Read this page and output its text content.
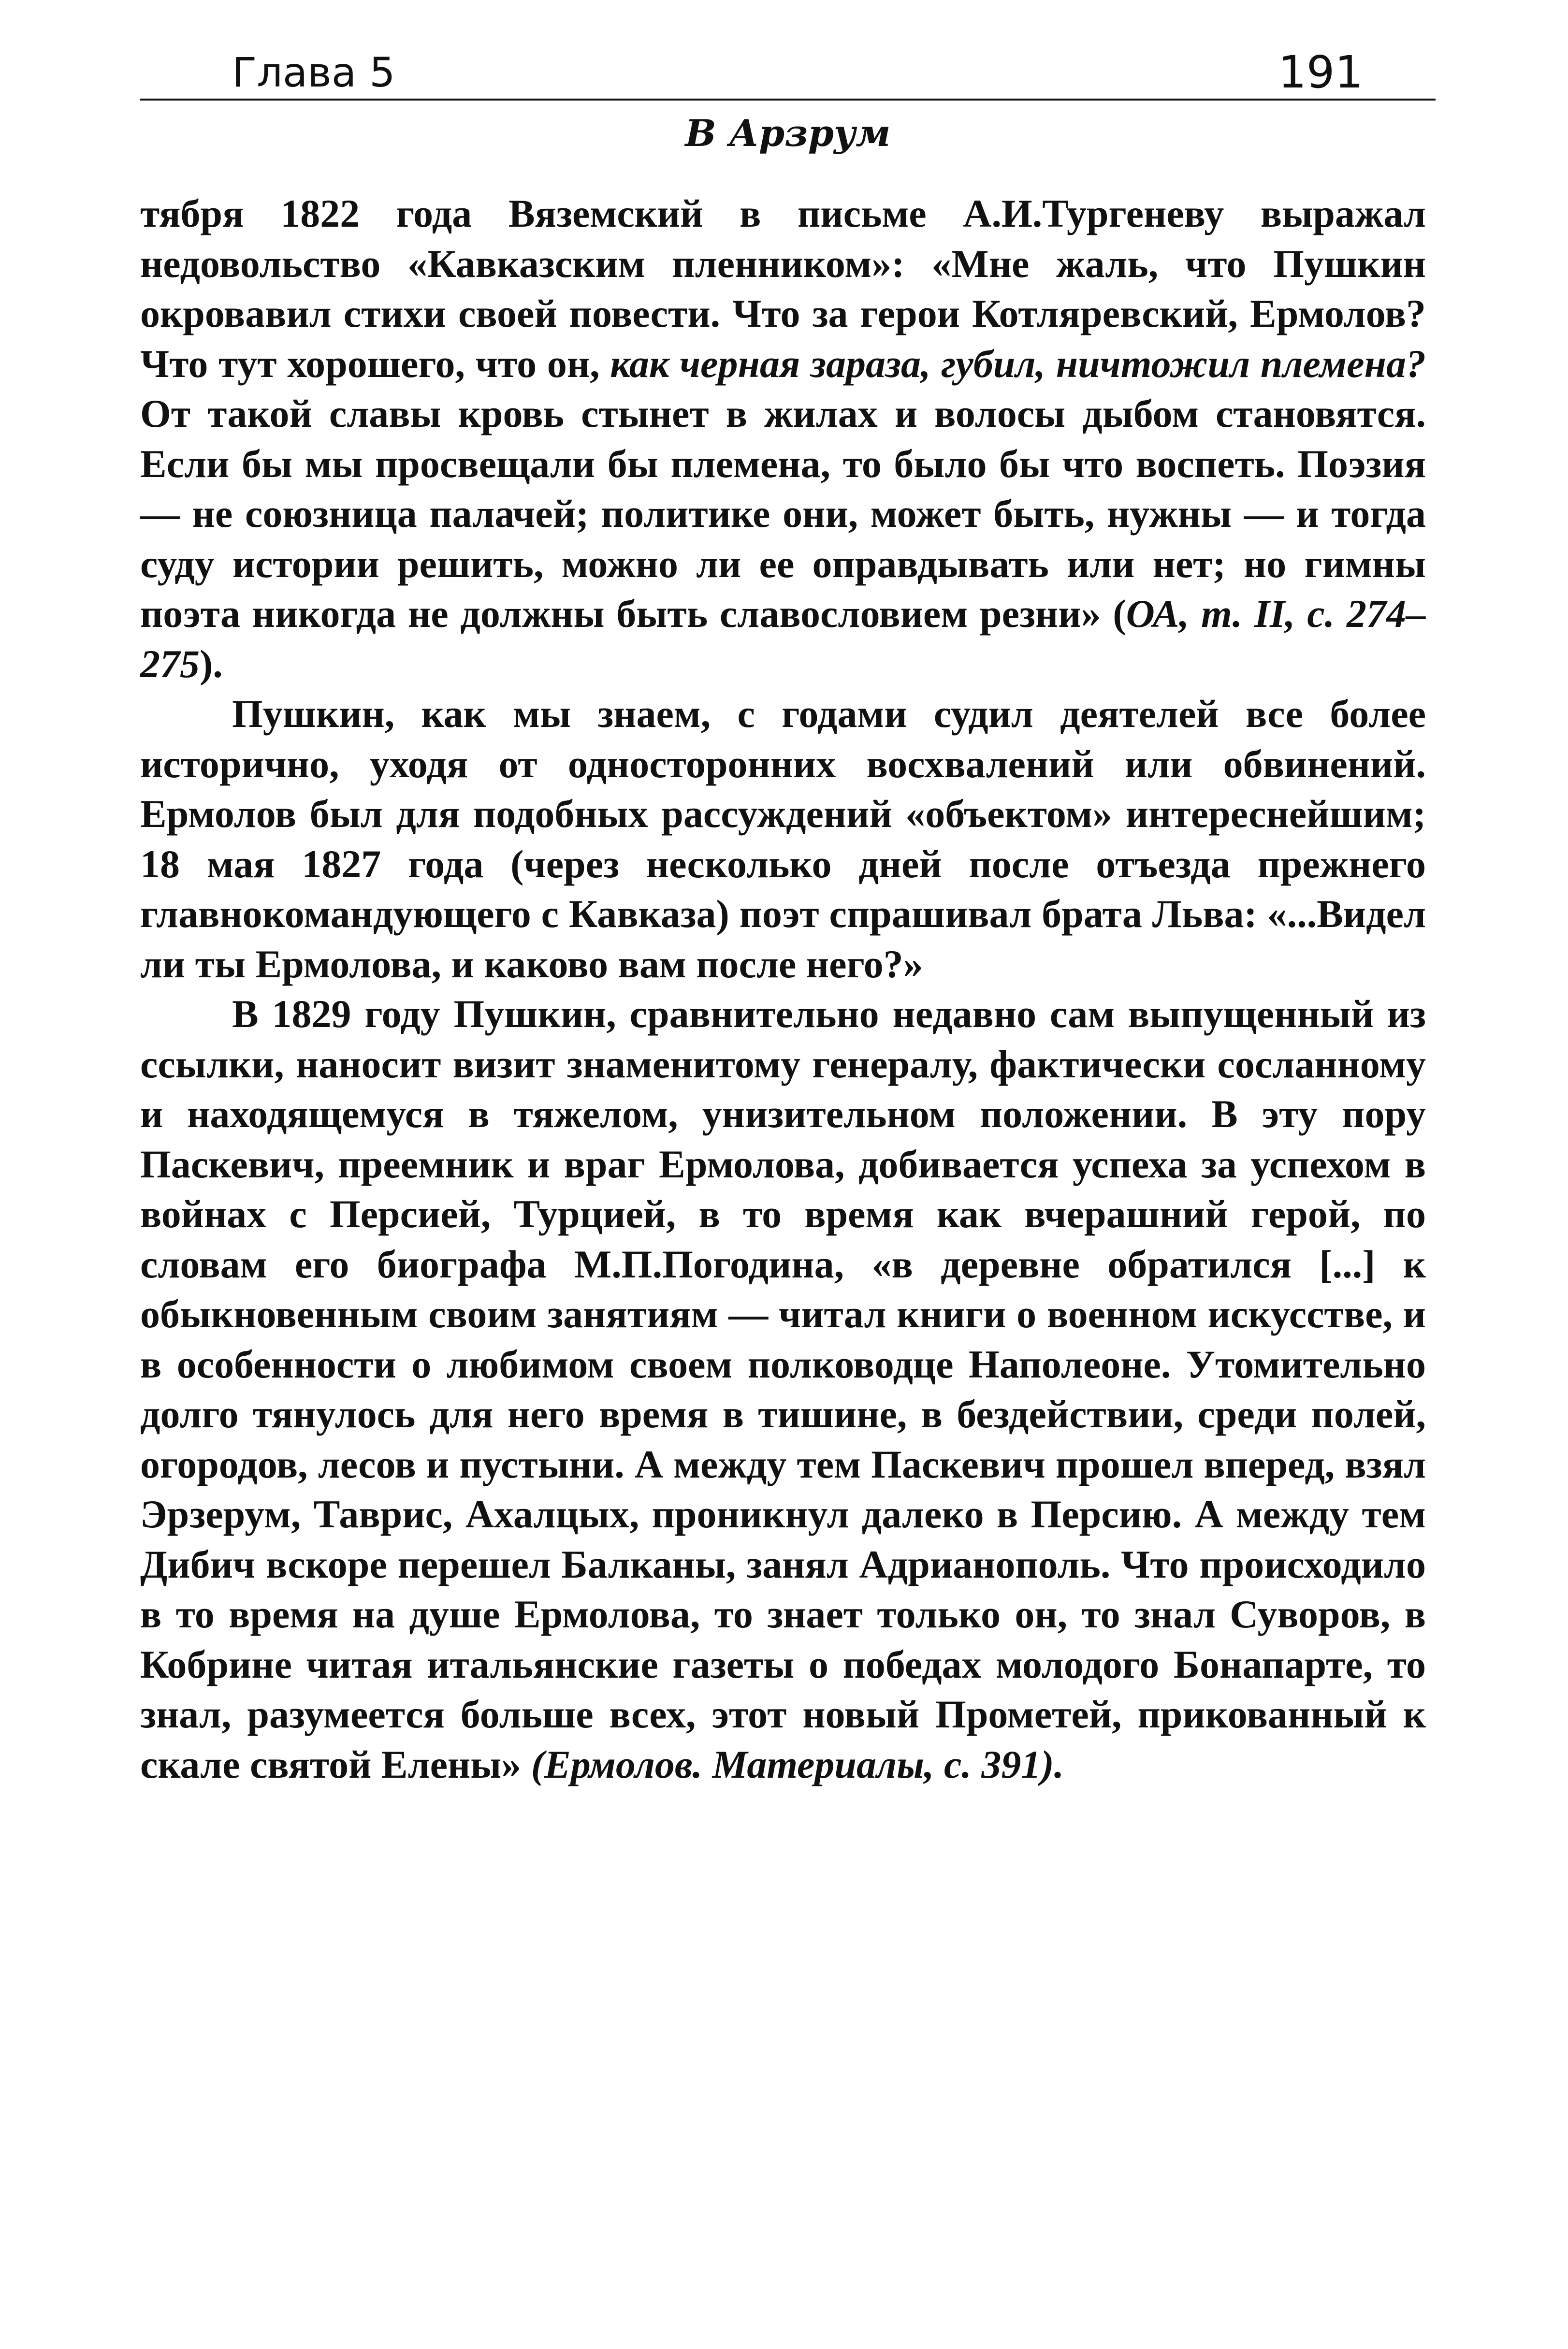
Глава 5	191
В Арзрум

тября 1822 года Вяземский в письме А.И.Тургеневу выражал недовольство «Кавказским пленником»: «Мне жаль, что Пушкин окровавил стихи своей повести. Что за герои Котляревский, Ермолов? Что тут хорошего, что он, как черная зараза, губил, ничтожил племена? От такой славы кровь стынет в жилах и волосы дыбом становятся. Если бы мы просвещали бы племена, то было бы что воспеть. Поэзия — не союзница палачей; политике они, может быть, нужны — и тогда суду истории решить, можно ли ее оправдывать или нет; но гимны поэта никогда не должны быть славословием резни» (ОА, т. II, с. 274–275).

Пушкин, как мы знаем, с годами судил деятелей все более исторично, уходя от односторонних восхвалений или обвинений. Ермолов был для подобных рассуждений «объектом» интереснейшим; 18 мая 1827 года (через несколько дней после отъезда прежнего главнокомандующего с Кавказа) поэт спрашивал брата Льва: «...Видел ли ты Ермолова, и каково вам после него?»

В 1829 году Пушкин, сравнительно недавно сам выпущенный из ссылки, наносит визит знаменитому генералу, фактически сосланному и находящемуся в тяжелом, унизительном положении. В эту пору Паскевич, преемник и враг Ермолова, добивается успеха за успехом в войнах с Персией, Турцией, в то время как вчерашний герой, по словам его биографа М.П.Погодина, «в деревне обратился [...] к обыкновенным своим занятиям — читал книги о военном искусстве, и в особенности о любимом своем полководце Наполеоне. Утомительно долго тянулось для него время в тишине, в бездействии, среди полей, огородов, лесов и пустыни. А между тем Паскевич прошел вперед, взял Эрзерум, Таврис, Ахалцых, проникнул далеко в Персию. А между тем Дибич вскоре перешел Балканы, занял Адрианополь. Что происходило в то время на душе Ермолова, то знает только он, то знал Суворов, в Кобрине читая итальянские газеты о победах молодого Бонапарте, то знал, разумеется больше всех, этот новый Прометей, прикованный к скале святой Елены» (Ермолов. Материалы, с. 391).
